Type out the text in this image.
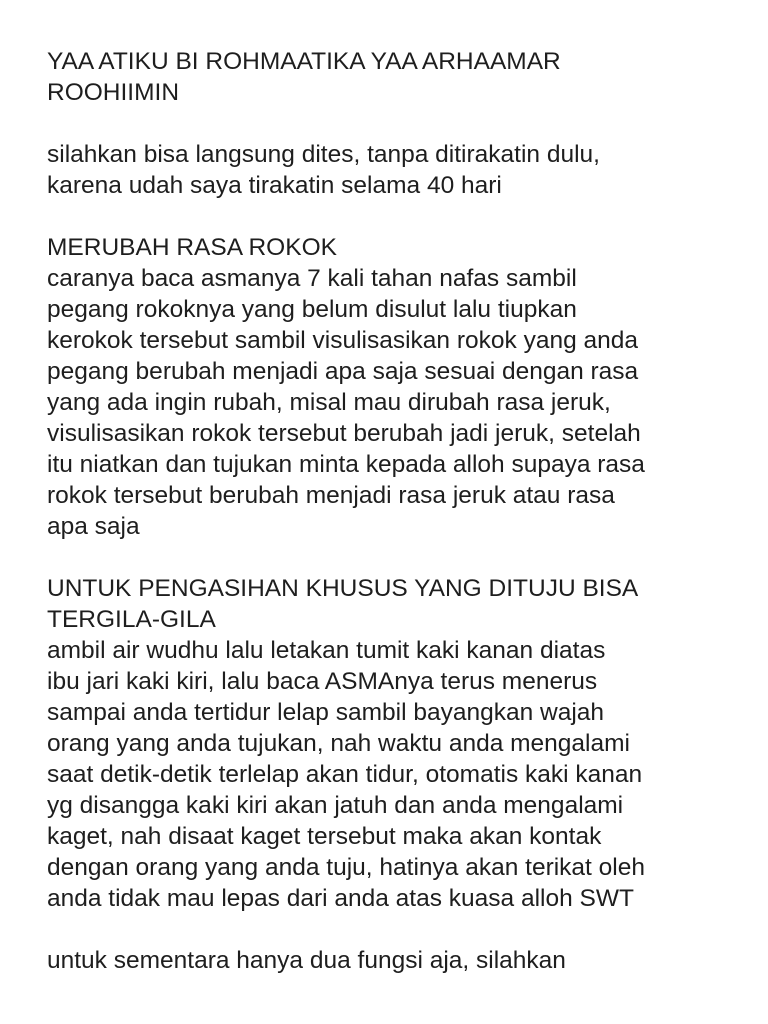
YAA ATIKU BI ROHMAATIKA YAA ARHAAMAR
ROOHIIMIN
silahkan bisa langsung dites, tanpa ditirakatin dulu,
karena udah saya tirakatin selama 40 hari
MERUBAH RASA ROKOK
caranya baca asmanya 7 kali tahan nafas sambil
pegang rokoknya yang belum disulut lalu tiupkan
kerokok tersebut sambil visulisasikan rokok yang anda
pegang berubah menjadi apa saja sesuai dengan rasa
yang ada ingin rubah, misal mau dirubah rasa jeruk,
visulisasikan rokok tersebut berubah jadi jeruk, setelah
itu niatkan dan tujukan minta kepada alloh supaya rasa
rokok tersebut berubah menjadi rasa jeruk atau rasa
apa saja
UNTUK PENGASIHAN KHUSUS YANG DITUJU BISA
TERGILA-GILA
ambil air wudhu lalu letakan tumit kaki kanan diatas
ibu jari kaki kiri, lalu baca ASMAnya terus menerus
sampai anda tertidur lelap sambil bayangkan wajah
orang yang anda tujukan, nah waktu anda mengalami
saat detik-detik terlelap akan tidur, otomatis kaki kanan
yg disangga kaki kiri akan jatuh dan anda mengalami
kaget, nah disaat kaget tersebut maka akan kontak
dengan orang yang anda tuju, hatinya akan terikat oleh
anda tidak mau lepas dari anda atas kuasa alloh SWT
untuk sementara hanya dua fungsi aja, silahkan
